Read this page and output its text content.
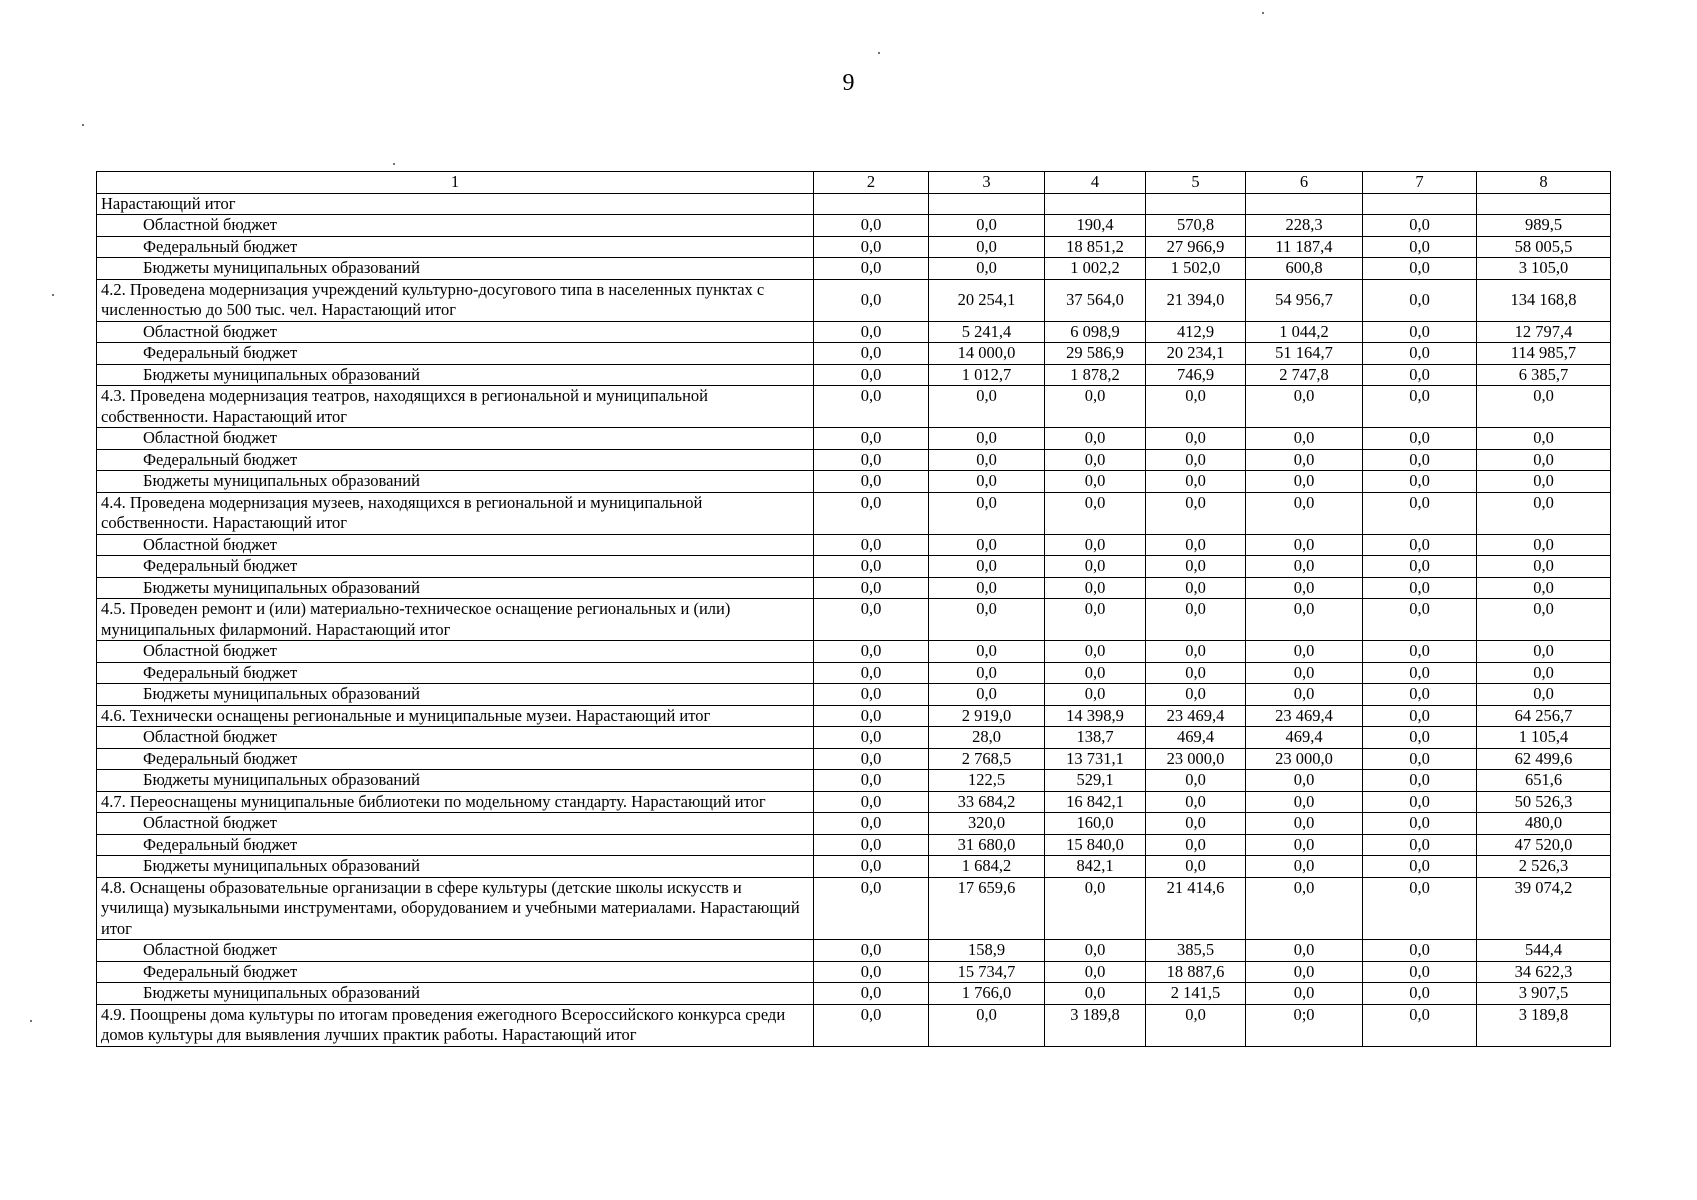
9
1	2	3	4	5	6	7	8
Нарастающий итог							
Областной бюджет	0,0	0,0	190,4	570,8	228,3	0,0	989,5
Федеральный бюджет	0,0	0,0	18 851,2	27 966,9	11 187,4	0,0	58 005,5
Бюджеты муниципальных образований	0,0	0,0	1 002,2	1 502,0	600,8	0,0	3 105,0
4.2. Проведена модернизация учреждений культурно-досугового типа в населенных пунктах с численностью до 500 тыс. чел. Нарастающий итог	0,0	20 254,1	37 564,0	21 394,0	54 956,7	0,0	134 168,8
Областной бюджет	0,0	5 241,4	6 098,9	412,9	1 044,2	0,0	12 797,4
Федеральный бюджет	0,0	14 000,0	29 586,9	20 234,1	51 164,7	0,0	114 985,7
Бюджеты муниципальных образований	0,0	1 012,7	1 878,2	746,9	2 747,8	0,0	6 385,7
4.3. Проведена модернизация театров, находящихся в региональной и муниципальной собственности. Нарастающий итог	0,0	0,0	0,0	0,0	0,0	0,0	0,0
Областной бюджет	0,0	0,0	0,0	0,0	0,0	0,0	0,0
Федеральный бюджет	0,0	0,0	0,0	0,0	0,0	0,0	0,0
Бюджеты муниципальных образований	0,0	0,0	0,0	0,0	0,0	0,0	0,0
4.4. Проведена модернизация музеев, находящихся в региональной и муниципальной собственности. Нарастающий итог	0,0	0,0	0,0	0,0	0,0	0,0	0,0
Областной бюджет	0,0	0,0	0,0	0,0	0,0	0,0	0,0
Федеральный бюджет	0,0	0,0	0,0	0,0	0,0	0,0	0,0
Бюджеты муниципальных образований	0,0	0,0	0,0	0,0	0,0	0,0	0,0
4.5. Проведен ремонт и (или) материально-техническое оснащение региональных и (или) муниципальных филармоний. Нарастающий итог	0,0	0,0	0,0	0,0	0,0	0,0	0,0
Областной бюджет	0,0	0,0	0,0	0,0	0,0	0,0	0,0
Федеральный бюджет	0,0	0,0	0,0	0,0	0,0	0,0	0,0
Бюджеты муниципальных образований	0,0	0,0	0,0	0,0	0,0	0,0	0,0
4.6. Технически оснащены региональные и муниципальные музеи. Нарастающий итог	0,0	2 919,0	14 398,9	23 469,4	23 469,4	0,0	64 256,7
Областной бюджет	0,0	28,0	138,7	469,4	469,4	0,0	1 105,4
Федеральный бюджет	0,0	2 768,5	13 731,1	23 000,0	23 000,0	0,0	62 499,6
Бюджеты муниципальных образований	0,0	122,5	529,1	0,0	0,0	0,0	651,6
4.7. Переоснащены муниципальные библиотеки по модельному стандарту. Нарастающий итог	0,0	33 684,2	16 842,1	0,0	0,0	0,0	50 526,3
Областной бюджет	0,0	320,0	160,0	0,0	0,0	0,0	480,0
Федеральный бюджет	0,0	31 680,0	15 840,0	0,0	0,0	0,0	47 520,0
Бюджеты муниципальных образований	0,0	1 684,2	842,1	0,0	0,0	0,0	2 526,3
4.8. Оснащены образовательные организации в сфере культуры (детские школы искусств и училища) музыкальными инструментами, оборудованием и учебными материалами. Нарастающий итог	0,0	17 659,6	0,0	21 414,6	0,0	0,0	39 074,2
Областной бюджет	0,0	158,9	0,0	385,5	0,0	0,0	544,4
Федеральный бюджет	0,0	15 734,7	0,0	18 887,6	0,0	0,0	34 622,3
Бюджеты муниципальных образований	0,0	1 766,0	0,0	2 141,5	0,0	0,0	3 907,5
4.9. Поощрены дома культуры по итогам проведения ежегодного Всероссийского конкурса среди домов культуры для выявления лучших практик работы. Нарастающий итог	0,0	0,0	3 189,8	0,0	0;0	0,0	3 189,8
